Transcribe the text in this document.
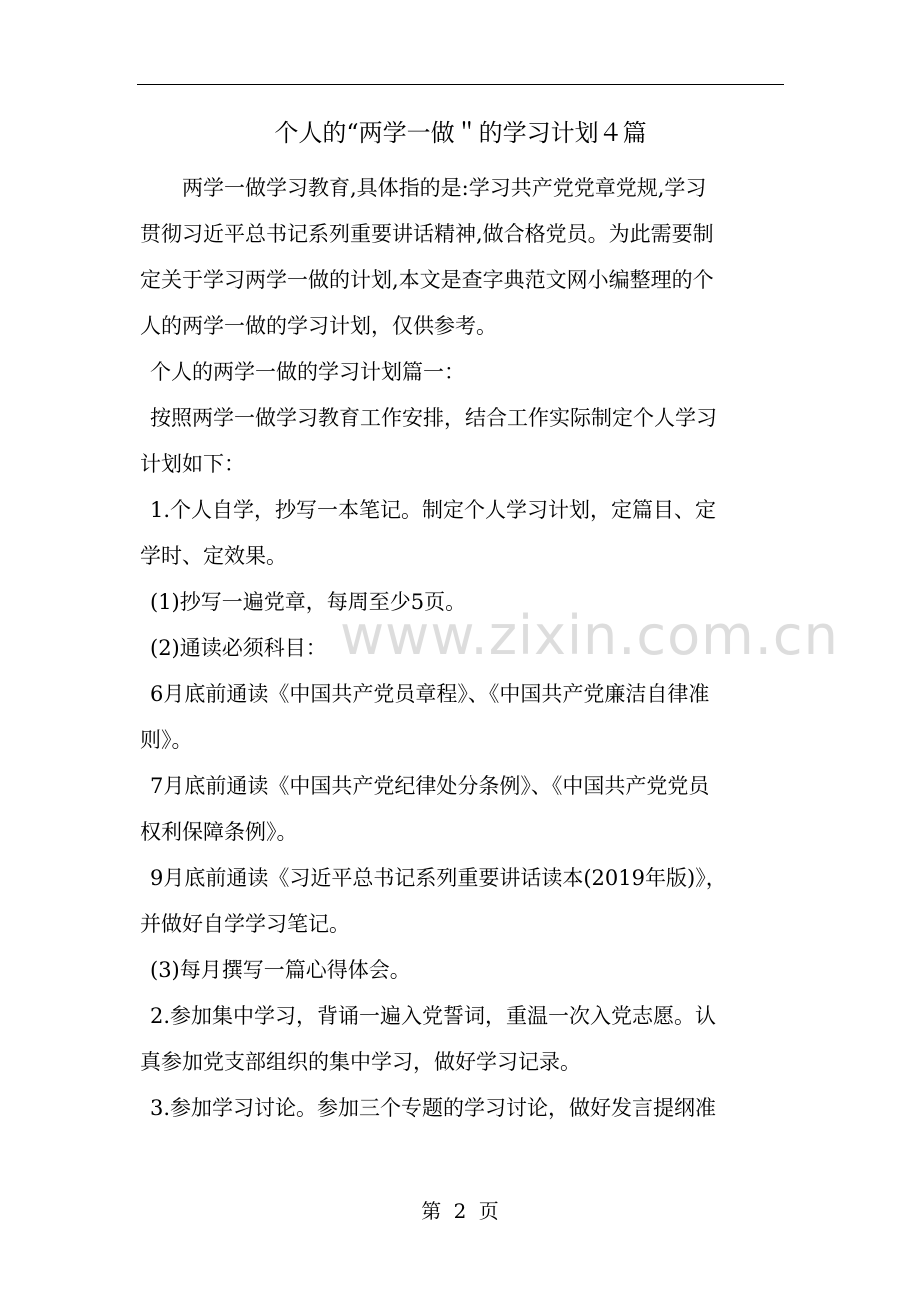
个人的“两学一做＂的学习计划４篇
两学一做学习教育,具体指的是:学习共产党党章党规,学习
贯彻习近平总书记系列重要讲话精神,做合格党员。为此需要制
定关于学习两学一做的计划,本文是查字典范文网小编整理的个
人的两学一做的学习计划，仅供参考。
个人的两学一做的学习计划篇一：
按照两学一做学习教育工作安排，结合工作实际制定个人学习
计划如下：
1.个人自学，抄写一本笔记。制定个人学习计划，定篇目、定
学时、定效果。
(1)抄写一遍党章，每周至少5页。
(2)通读必须科目：
6月底前通读《中国共产党员章程》、《中国共产党廉洁自律准
则》。
7月底前通读《中国共产党纪律处分条例》、《中国共产党党员
权利保障条例》。
9月底前通读《习近平总书记系列重要讲话读本(2019年版)》，
并做好自学学习笔记。
(3)每月撰写一篇心得体会。
2.参加集中学习，背诵一遍入党誓词，重温一次入党志愿。认
真参加党支部组织的集中学习，做好学习记录。
3.参加学习讨论。参加三个专题的学习讨论，做好发言提纲准
www.zixin.com.cn
第 2 页
